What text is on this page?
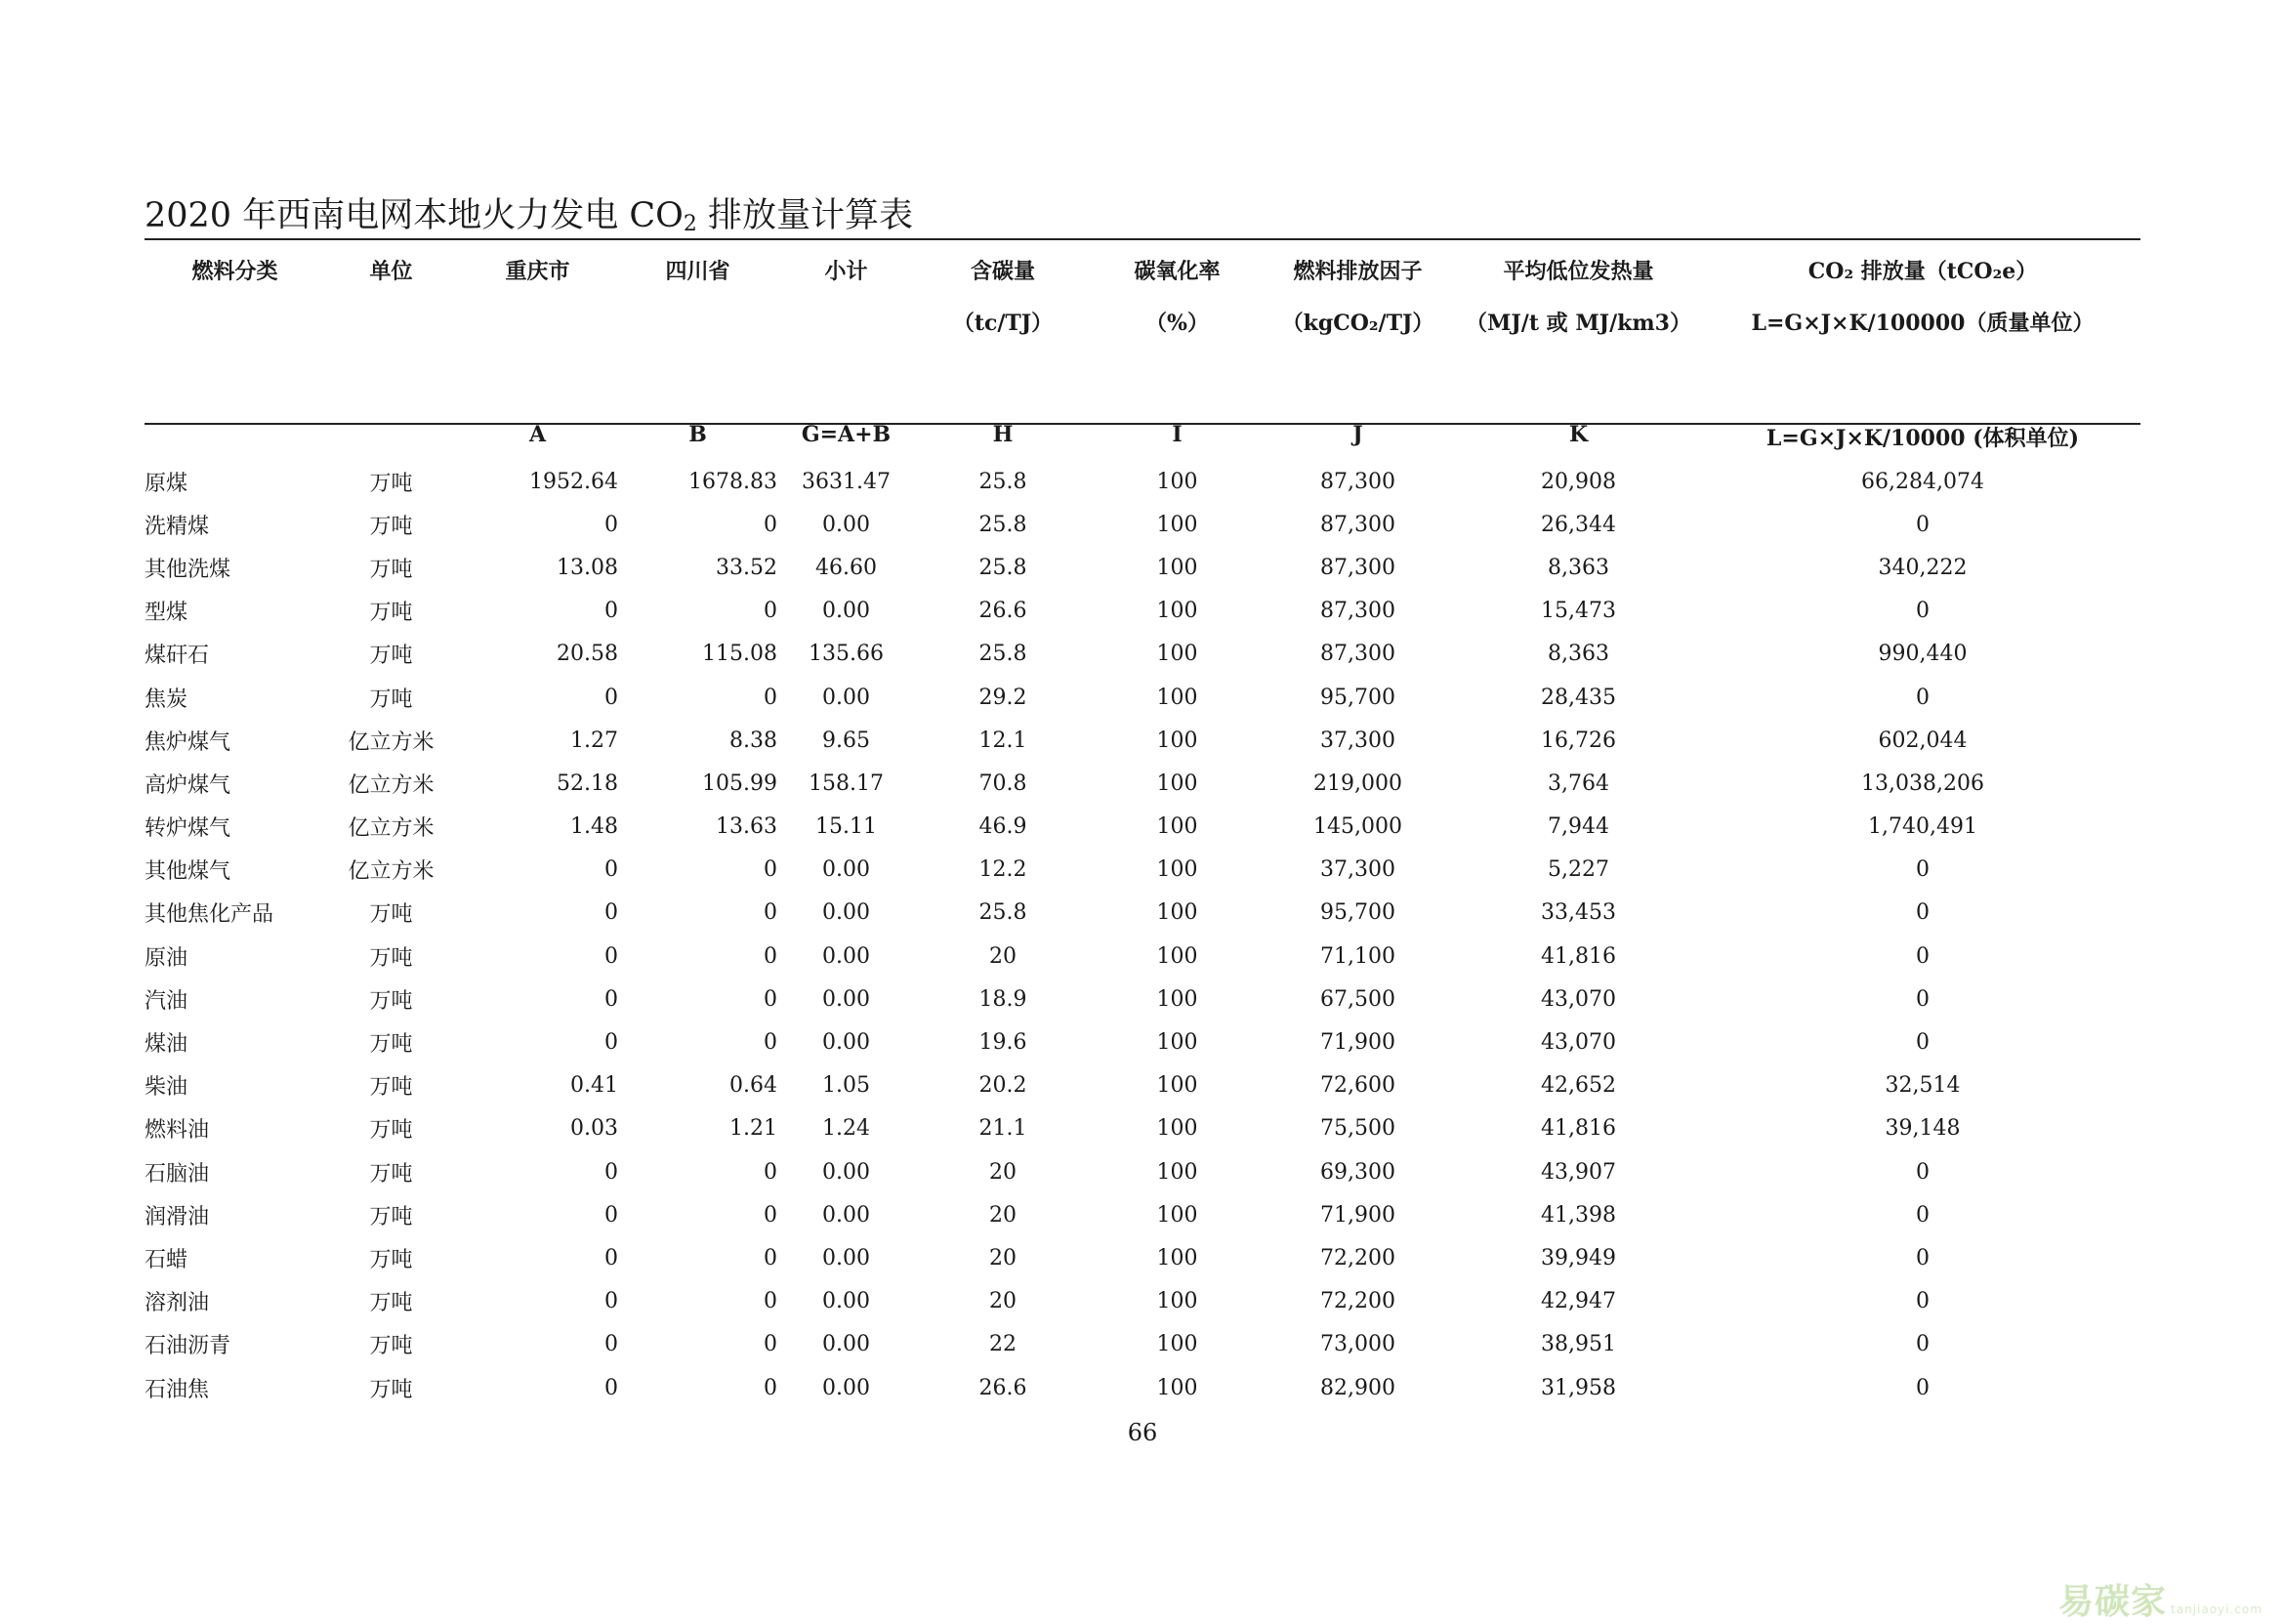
2020 年西南电网本地火力发电 $CO_2$ 排放量计算表
燃料分类	单位	重庆市	四川省	小计	含碳量	碳氧化率	燃料排放因子	平均低位发热量	CO₂ 排放量（tCO₂e）
					（tc/TJ）	（%）	（kgCO₂/TJ）	（MJ/t 或 MJ/km3）	L=G×J×K/100000（质量单位）

		A	B	G=A+B	H	I	J	K	L=G×J×K/10000 (体积单位)
原煤	万吨	1952.64	1678.83	3631.47	25.8	100	87,300	20,908	66,284,074
洗精煤	万吨	0	0	0.00	25.8	100	87,300	26,344	0
其他洗煤	万吨	13.08	33.52	46.60	25.8	100	87,300	8,363	340,222
型煤	万吨	0	0	0.00	26.6	100	87,300	15,473	0
煤矸石	万吨	20.58	115.08	135.66	25.8	100	87,300	8,363	990,440
焦炭	万吨	0	0	0.00	29.2	100	95,700	28,435	0
焦炉煤气	亿立方米	1.27	8.38	9.65	12.1	100	37,300	16,726	602,044
高炉煤气	亿立方米	52.18	105.99	158.17	70.8	100	219,000	3,764	13,038,206
转炉煤气	亿立方米	1.48	13.63	15.11	46.9	100	145,000	7,944	1,740,491
其他煤气	亿立方米	0	0	0.00	12.2	100	37,300	5,227	0
其他焦化产品	万吨	0	0	0.00	25.8	100	95,700	33,453	0
原油	万吨	0	0	0.00	20	100	71,100	41,816	0
汽油	万吨	0	0	0.00	18.9	100	67,500	43,070	0
煤油	万吨	0	0	0.00	19.6	100	71,900	43,070	0
柴油	万吨	0.41	0.64	1.05	20.2	100	72,600	42,652	32,514
燃料油	万吨	0.03	1.21	1.24	21.1	100	75,500	41,816	39,148
石脑油	万吨	0	0	0.00	20	100	69,300	43,907	0
润滑油	万吨	0	0	0.00	20	100	71,900	41,398	0
石蜡	万吨	0	0	0.00	20	100	72,200	39,949	0
溶剂油	万吨	0	0	0.00	20	100	72,200	42,947	0
石油沥青	万吨	0	0	0.00	22	100	73,000	38,951	0
石油焦	万吨	0	0	0.00	26.6	100	82,900	31,958	0
66
易碳家 tanjiaoyi.com
